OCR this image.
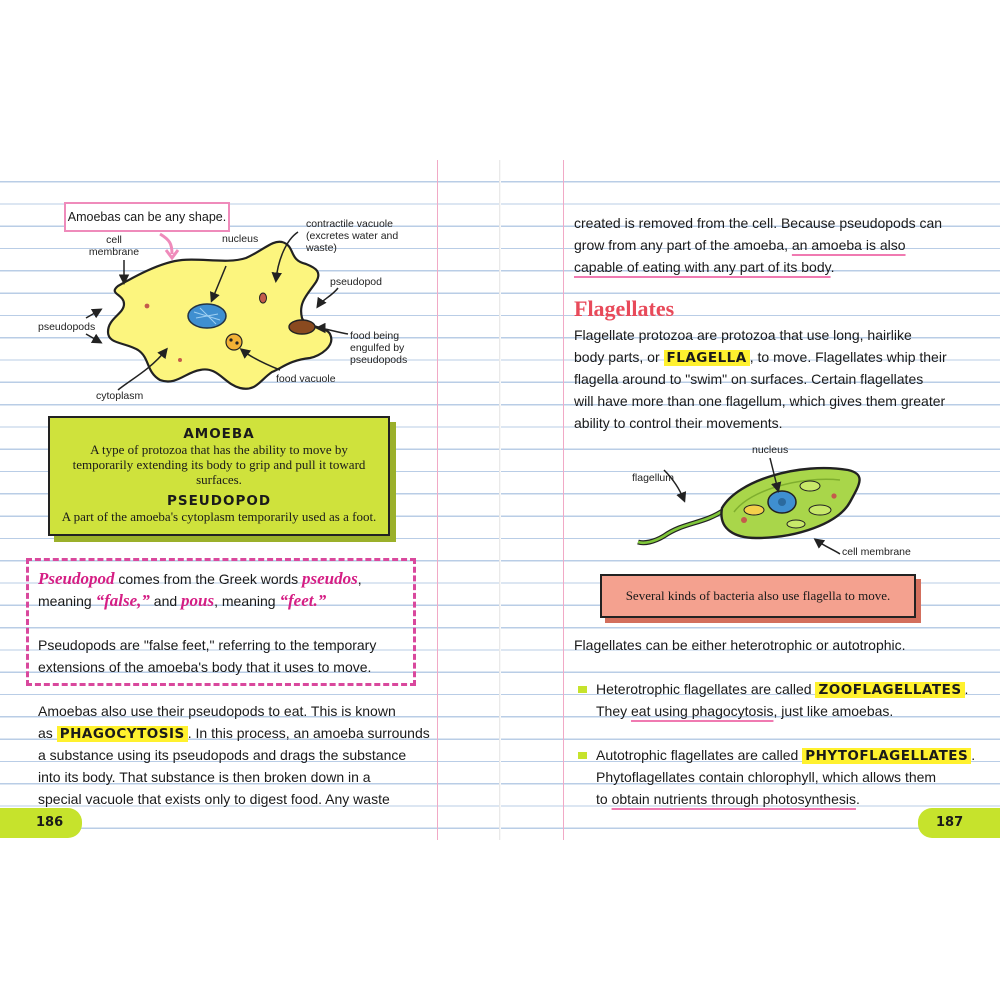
Amoebas can be any shape.
cell membrane
nucleus
contractile vacuole (excretes water and waste)
pseudopod
pseudopods
food being engulfed by pseudopods
food vacuole
cytoplasm
AMOEBA
A type of protozoa that has the ability to move by temporarily extending its body to grip and pull it toward surfaces.
PSEUDOPOD
A part of the amoeba's cytoplasm temporarily used as a foot.

Pseudopod comes from the Greek words pseudos,

meaning “false,” and pous, meaning “feet.”

Pseudopods are "false feet," referring to the temporary

extensions of the amoeba's body that it uses to move.

Amoebas also use their pseudopods to eat. This is known

as PHAGOCYTOSIS . In this process, an amoeba surrounds

a substance using its pseudopods and drags the substance

into its body. That substance is then broken down in a

special vacuole that exists only to digest food. Any waste

186

created is removed from the cell. Because pseudopods can

grow from any part of the amoeba, an amoeba is also

capable of eating with any part of its body.

Flagellates

Flagellate protozoa are protozoa that use long, hairlike

body parts, or FLAGELLA , to move. Flagellates whip their

flagella around to "swim" on surfaces. Certain flagellates

will have more than one flagellum, which gives them greater

ability to control their movements.

nucleus
flagellum
cell membrane
Several kinds of bacteria also use flagella to move.

Flagellates can be either heterotrophic or autotrophic.

Heterotrophic flagellates are called ZOOFLAGELLATES .

They eat using phagocytosis, just like amoebas.

Autotrophic flagellates are called PHYTOFLAGELLATES .

Phytoflagellates contain chlorophyll, which allows them

to obtain nutrients through photosynthesis.

187
